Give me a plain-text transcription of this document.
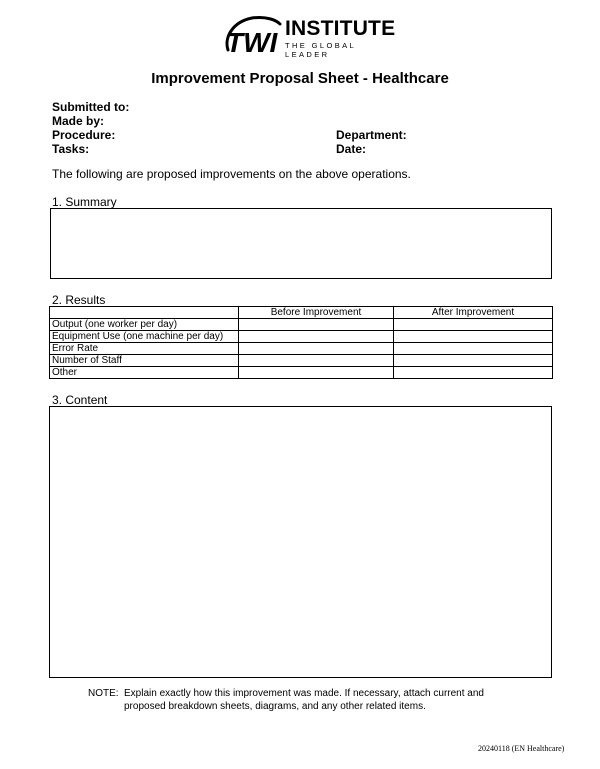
TWI INSTITUTE
THE GLOBAL LEADER
Improvement Proposal Sheet - Healthcare
Submitted to:
Made by:
Procedure:
Tasks:
Department:
Date:
The following are proposed improvements on the above operations.
1. Summary
2. Results
	Before Improvement	After Improvement
Output (one worker per day)		
Equipment Use (one machine per day)		
Error Rate		
Number of Staff		
Other		
3. Content
NOTE: Explain exactly how this improvement was made. If necessary, attach current and proposed breakdown sheets, diagrams, and any other related items.
20240118 (EN Healthcare)
